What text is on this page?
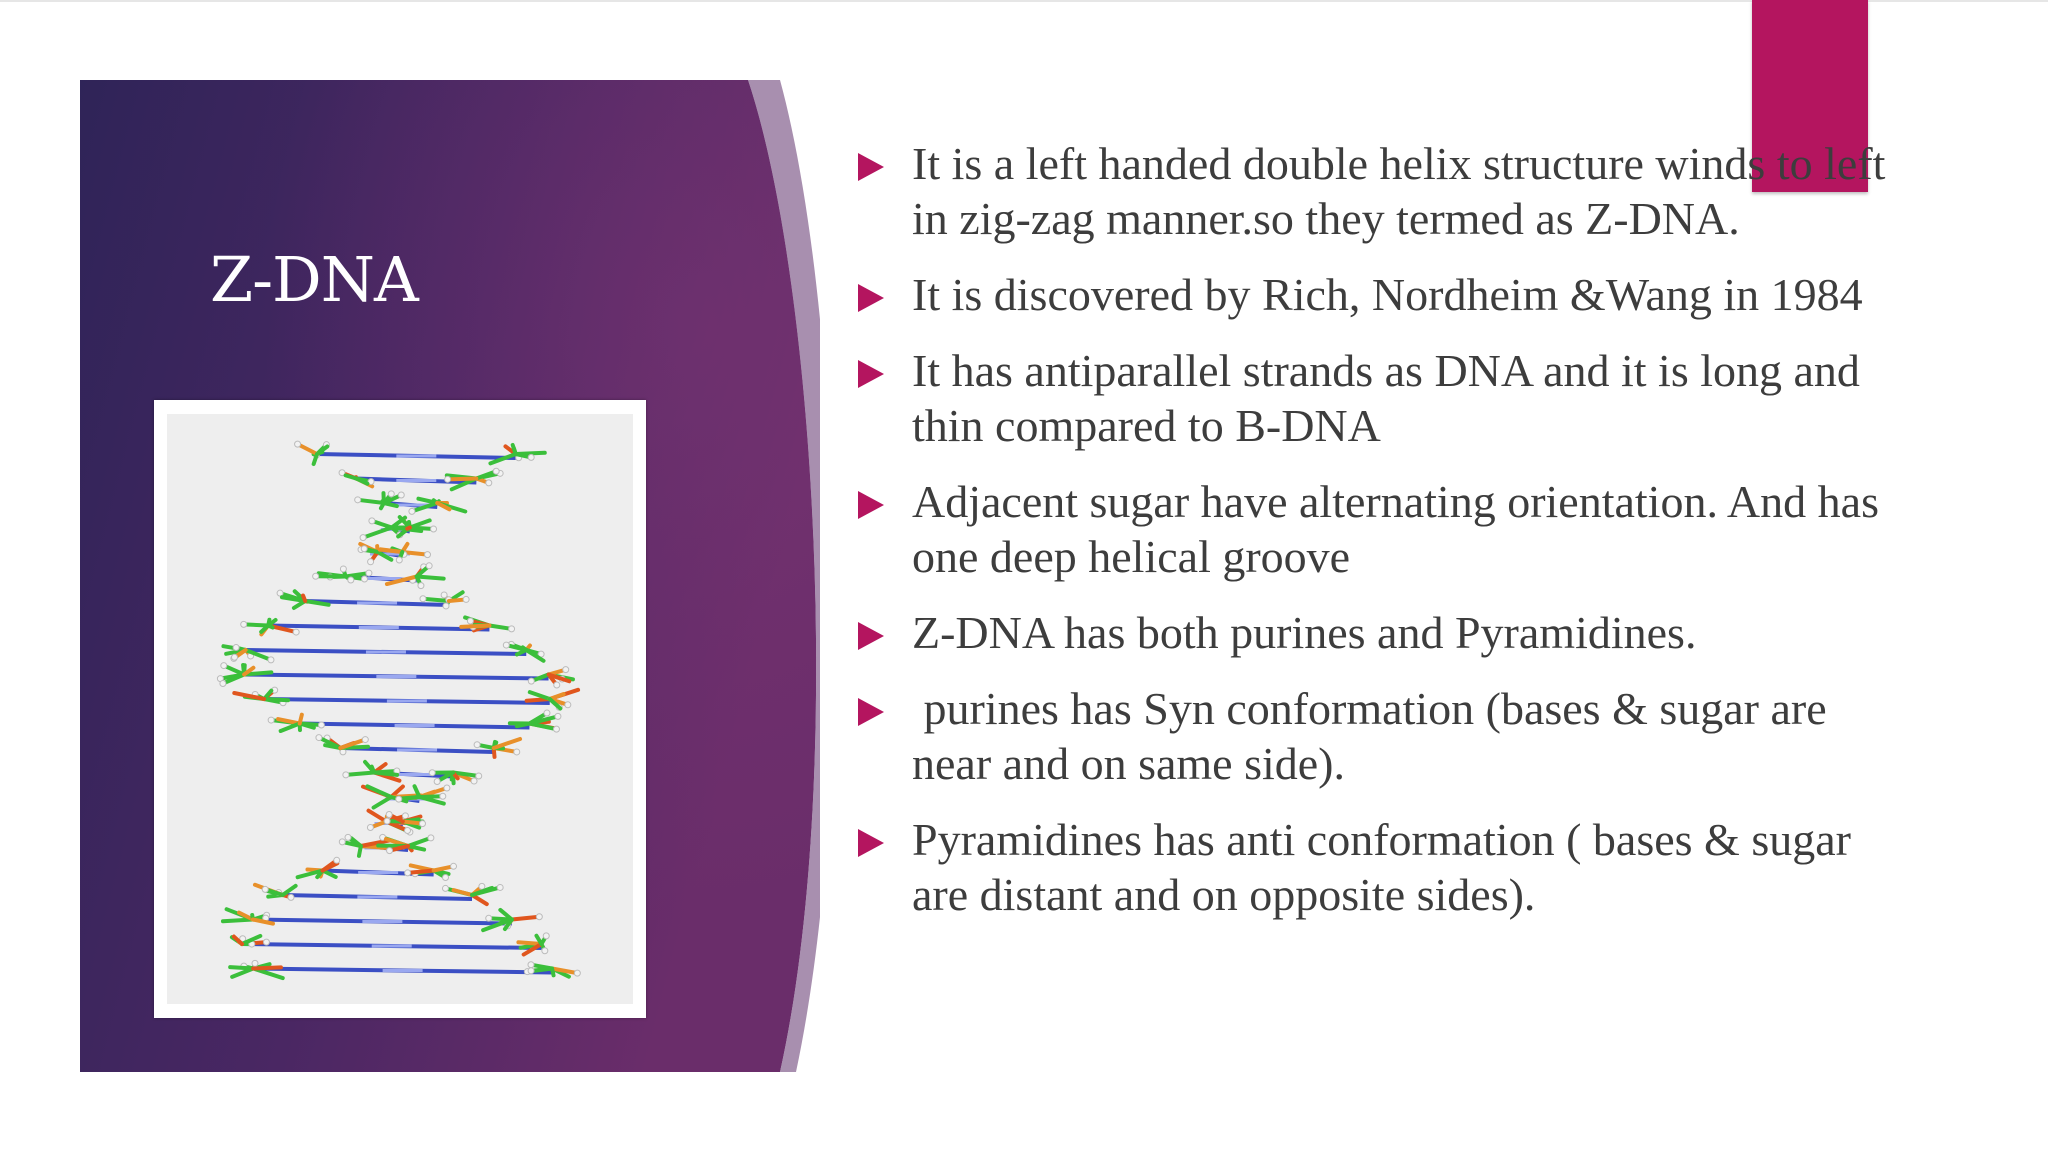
Z-DNA
It is a left handed double helix structure winds to left in zig-zag manner.so they termed as Z-DNA.
It is discovered by Rich, Nordheim &Wang in 1984
It has antiparallel strands as DNA and it is long and thin compared to B-DNA
Adjacent sugar have alternating orientation. And has one deep helical groove
Z-DNA has both purines and Pyramidines.
purines has Syn conformation (bases & sugar are near and on same side).
Pyramidines has anti conformation ( bases & sugar are distant and on opposite sides).
